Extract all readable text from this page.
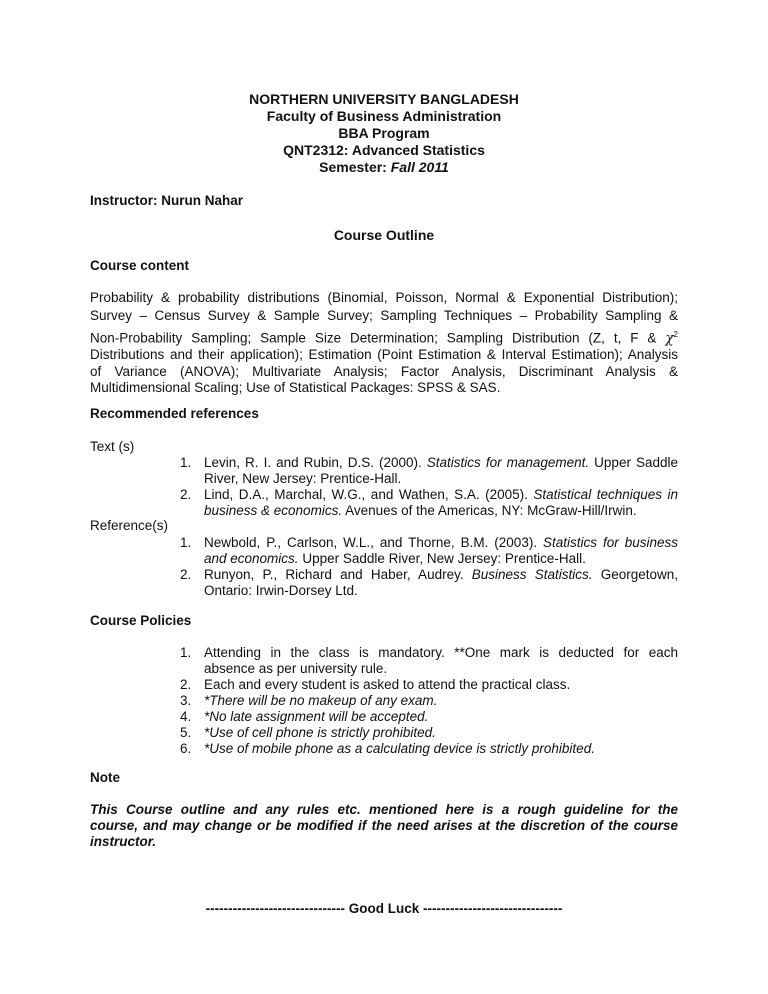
NORTHERN UNIVERSITY BANGLADESH
Faculty of Business Administration
BBA Program
QNT2312: Advanced Statistics
Semester: Fall 2011
Instructor: Nurun Nahar
Course Outline
Course content
Probability & probability distributions (Binomial, Poisson, Normal & Exponential Distribution);
Survey – Census Survey & Sample Survey; Sampling Techniques – Probability Sampling &
Non-Probability Sampling; Sample Size Determination; Sampling Distribution (Z, t, F & $\chi^2$
Distributions and their application); Estimation (Point Estimation & Interval Estimation); Analysis
of Variance (ANOVA); Multivariate Analysis; Factor Analysis, Discriminant Analysis &
Multidimensional Scaling; Use of Statistical Packages: SPSS & SAS.
Recommended references
Text (s)
1. Levin, R. I. and Rubin, D.S. (2000). Statistics for management. Upper Saddle
River, New Jersey: Prentice-Hall.
2. Lind, D.A., Marchal, W.G., and Wathen, S.A. (2005). Statistical techniques in
business & economics. Avenues of the Americas, NY: McGraw-Hill/Irwin.
Reference(s)
1. Newbold, P., Carlson, W.L., and Thorne, B.M. (2003). Statistics for business
and economics. Upper Saddle River, New Jersey: Prentice-Hall.
2. Runyon, P., Richard and Haber, Audrey. Business Statistics. Georgetown,
Ontario: Irwin-Dorsey Ltd.
Course Policies
1. Attending in the class is mandatory. **One mark is deducted for each
absence as per university rule.
2. Each and every student is asked to attend the practical class.
3. *There will be no makeup of any exam.
4. *No late assignment will be accepted.
5. *Use of cell phone is strictly prohibited.
6. *Use of mobile phone as a calculating device is strictly prohibited.
Note
This Course outline and any rules etc. mentioned here is a rough guideline for the
course, and may change or be modified if the need arises at the discretion of the course
instructor.
------------------------------- Good Luck -------------------------------
